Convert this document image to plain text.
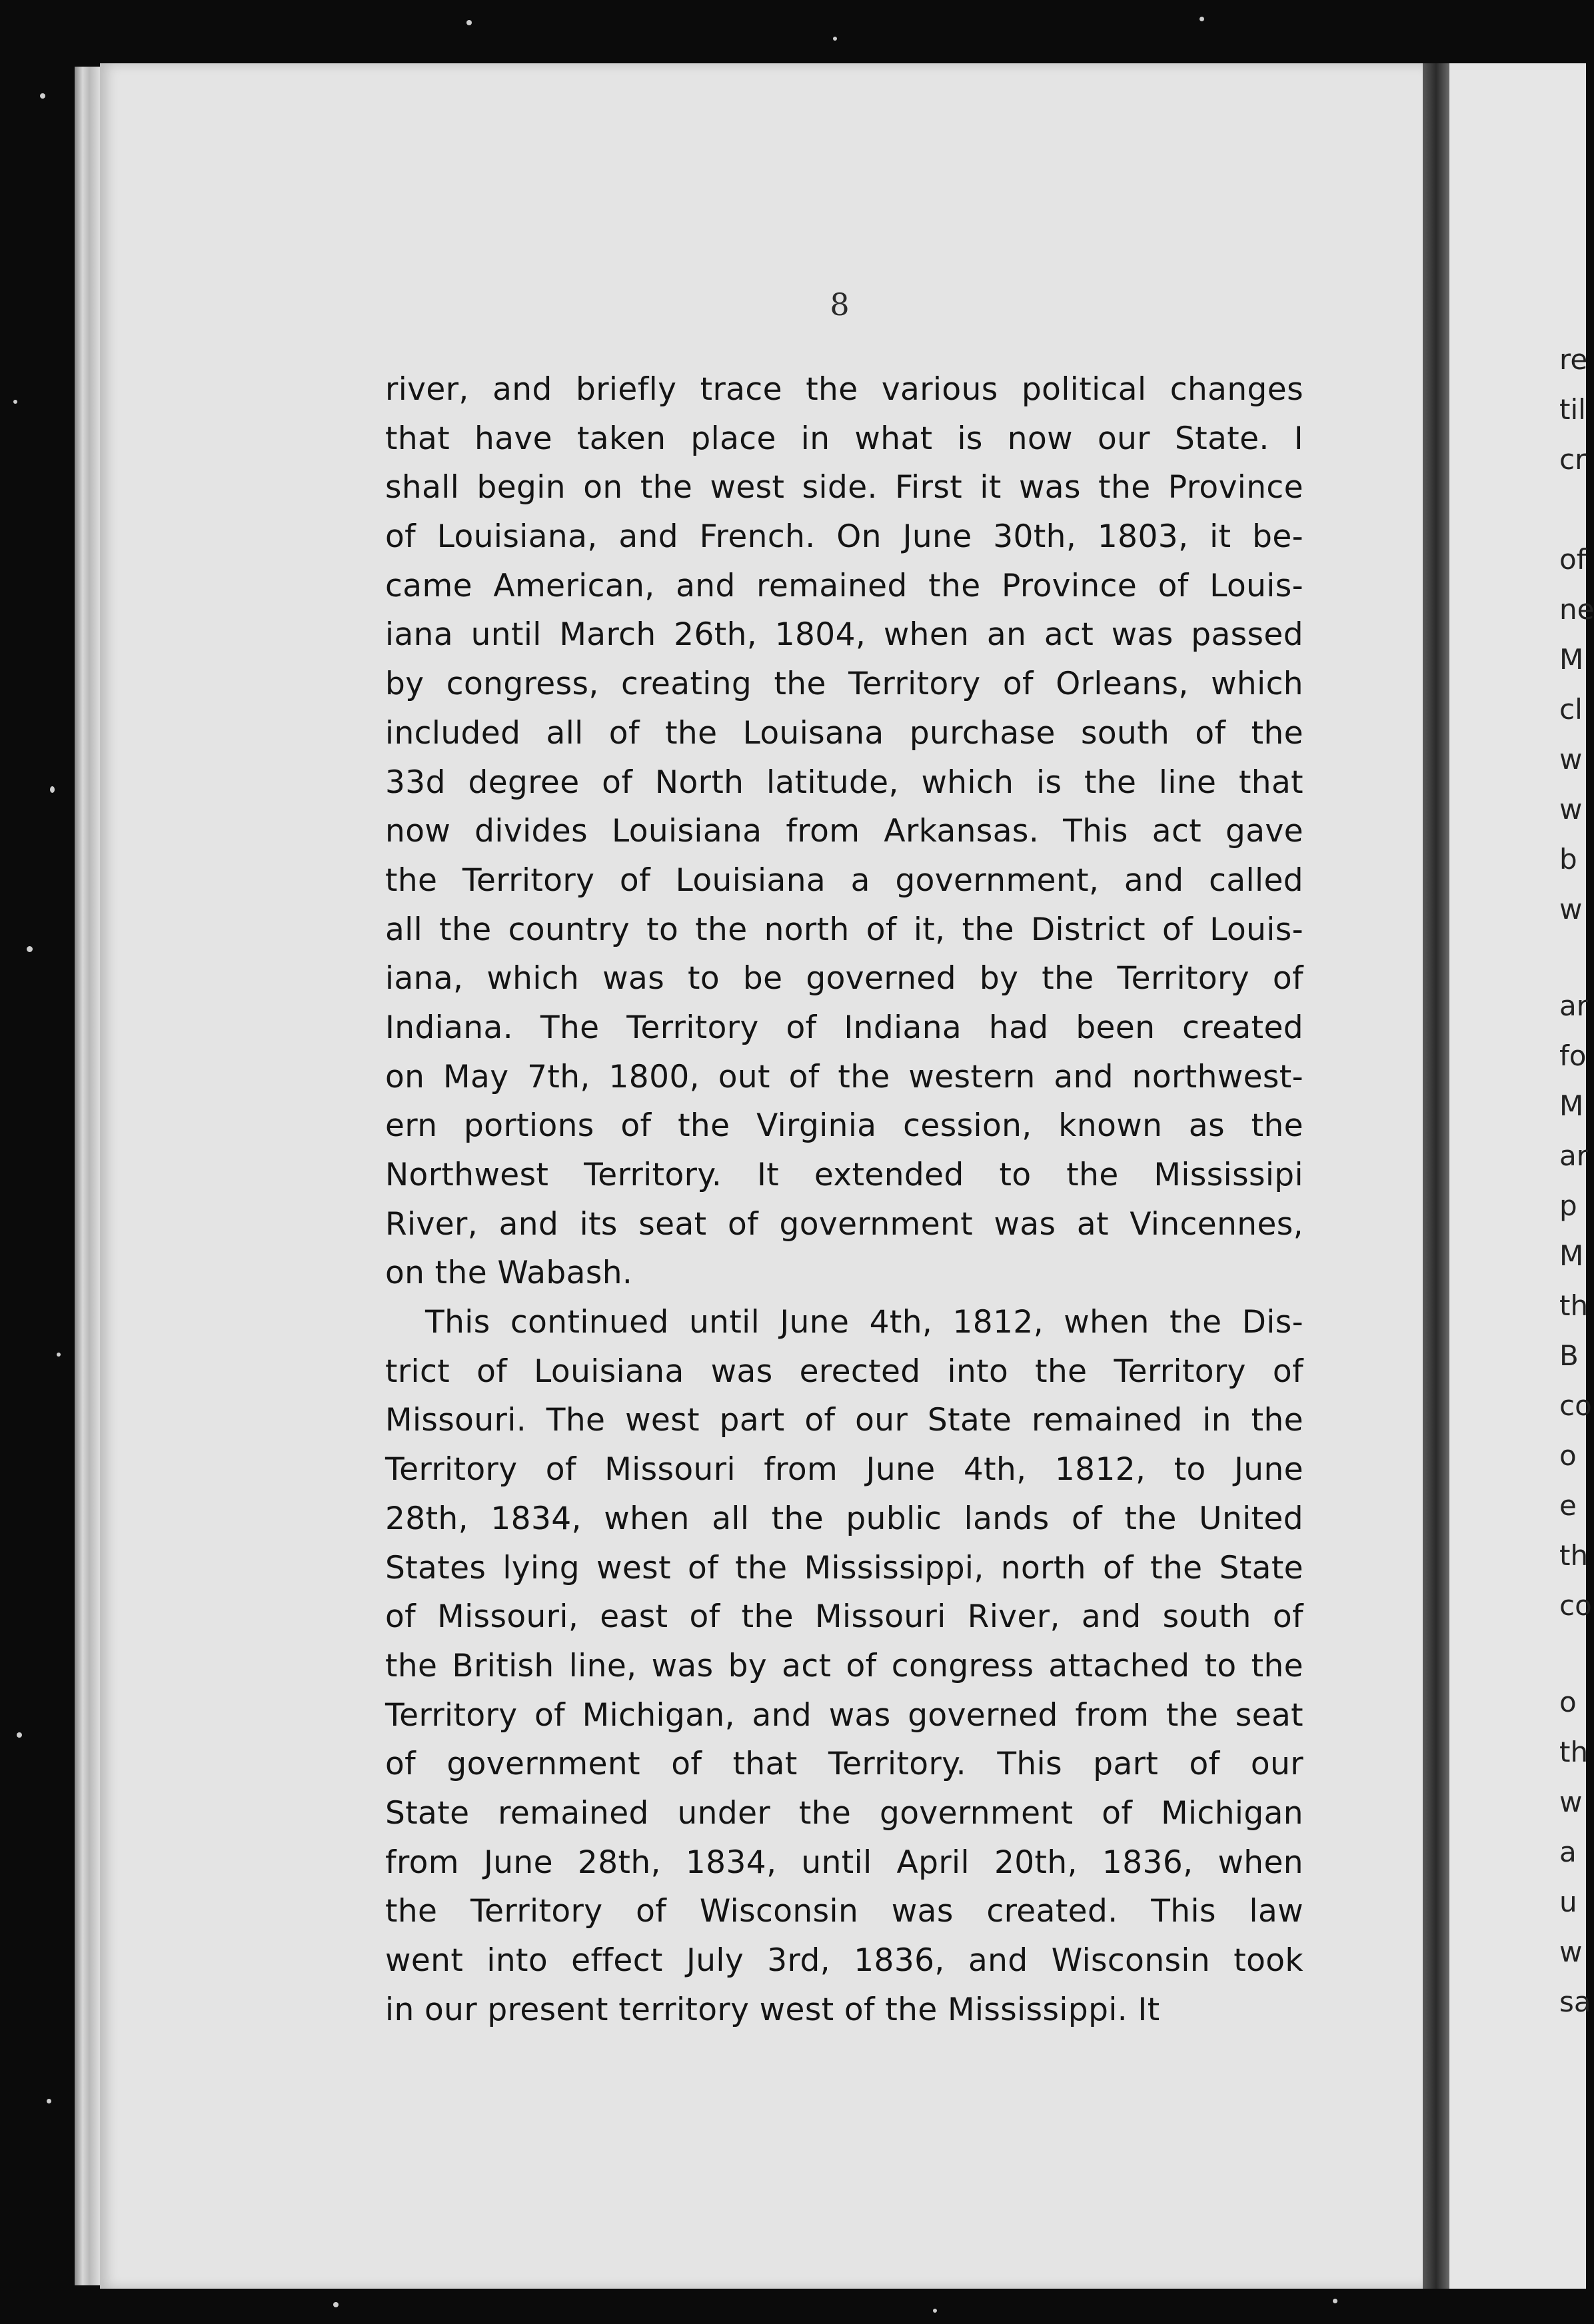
8
river, and briefly trace the various political changes
that have taken place in what is now our State. I
shall begin on the west side. First it was the Province
of Louisiana, and French. On June 30th, 1803, it be-
came American, and remained the Province of Louis-
iana until March 26th, 1804, when an act was passed
by congress, creating the Territory of Orleans, which
included all of the Louisana purchase south of the
33d degree of North latitude, which is the line that
now divides Louisiana from Arkansas. This act gave
the Territory of Louisiana a government, and called
all the country to the north of it, the District of Louis-
iana, which was to be governed by the Territory of
Indiana. The Territory of Indiana had been created
on May 7th, 1800, out of the western and northwest-
ern portions of the Virginia cession, known as the
Northwest Territory. It extended to the Mississipi
River, and its seat of government was at Vincennes,
on the Wabash.
This continued until June 4th, 1812, when the Dis-
trict of Louisiana was erected into the Territory of
Missouri. The west part of our State remained in the
Territory of Missouri from June 4th, 1812, to June
28th, 1834, when all the public lands of the United
States lying west of the Mississippi, north of the State
of Missouri, east of the Missouri River, and south of
the British line, was by act of congress attached to the
Territory of Michigan, and was governed from the seat
of government of that Territory. This part of our
State remained under the government of Michigan
from June 28th, 1834, until April 20th, 1836, when
the Territory of Wisconsin was created. This law
went into effect July 3rd, 1836, and Wisconsin took
in our present territory west of the Mississippi. It
re
til
cr
of
ne
M
cl
w
w
b
w
ar
fo
M
ar
p
M
th
B
co
o
e
th
co
o
th
w
a
u
w
sa
